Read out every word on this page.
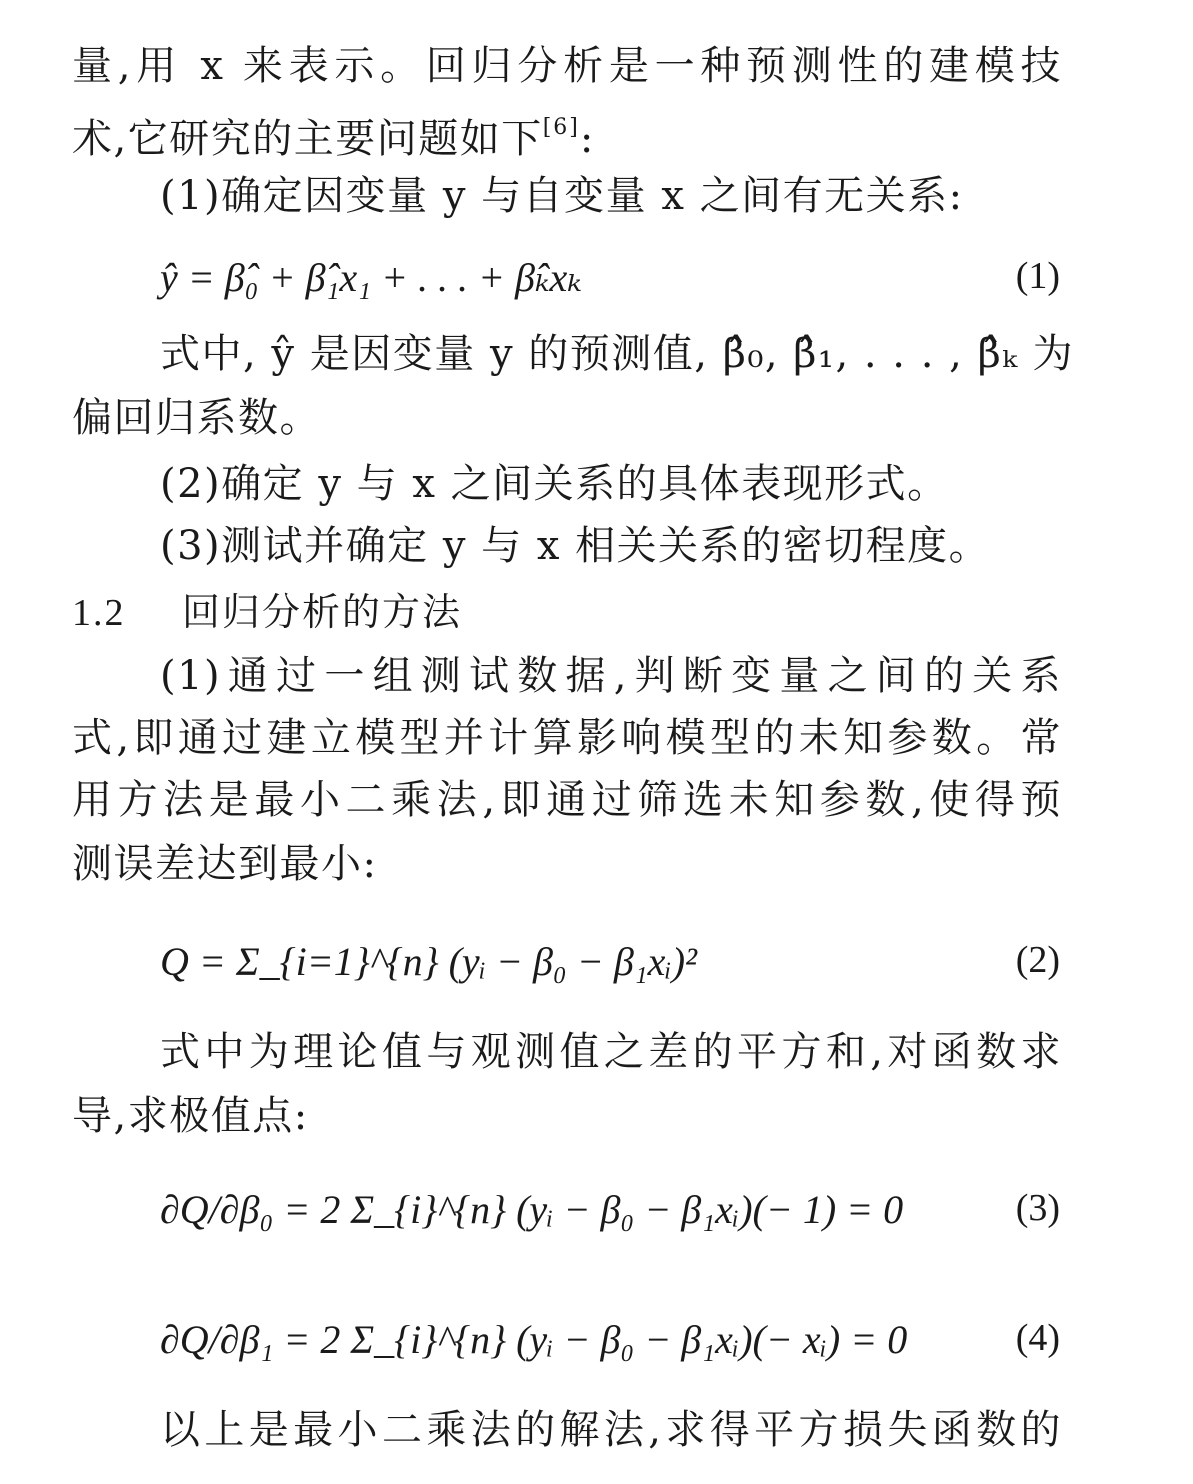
量,用 x 来表示。回归分析是一种预测性的建模技
术,它研究的主要问题如下[6]:
(1)确定因变量 y 与自变量 x 之间有无关系:
ŷ = β̂₀ + β̂₁x₁ + . . . + β̂ₖxₖ	(1)
式中, ŷ 是因变量 y 的预测值, β̂₀, β̂₁, . . . , β̂ₖ 为
偏回归系数。
(2)确定 y 与 x 之间关系的具体表现形式。
(3)测试并确定 y 与 x 相关关系的密切程度。
1.2 回归分析的方法
(1)通过一组测试数据,判断变量之间的关系
式,即通过建立模型并计算影响模型的未知参数。常
用方法是最小二乘法,即通过筛选未知参数,使得预
测误差达到最小:
Q = Σ_{i=1}^{n} (yᵢ − β₀ − β₁xᵢ)²	(2)
式中为理论值与观测值之差的平方和,对函数求
导,求极值点:
∂Q/∂β₀ = 2 Σ_{i}^{n} (yᵢ − β₀ − β₁xᵢ)(− 1) = 0	(3)
∂Q/∂β₁ = 2 Σ_{i}^{n} (yᵢ − β₀ − β₁xᵢ)(− xᵢ) = 0	(4)
以上是最小二乘法的解法,求得平方损失函数的
